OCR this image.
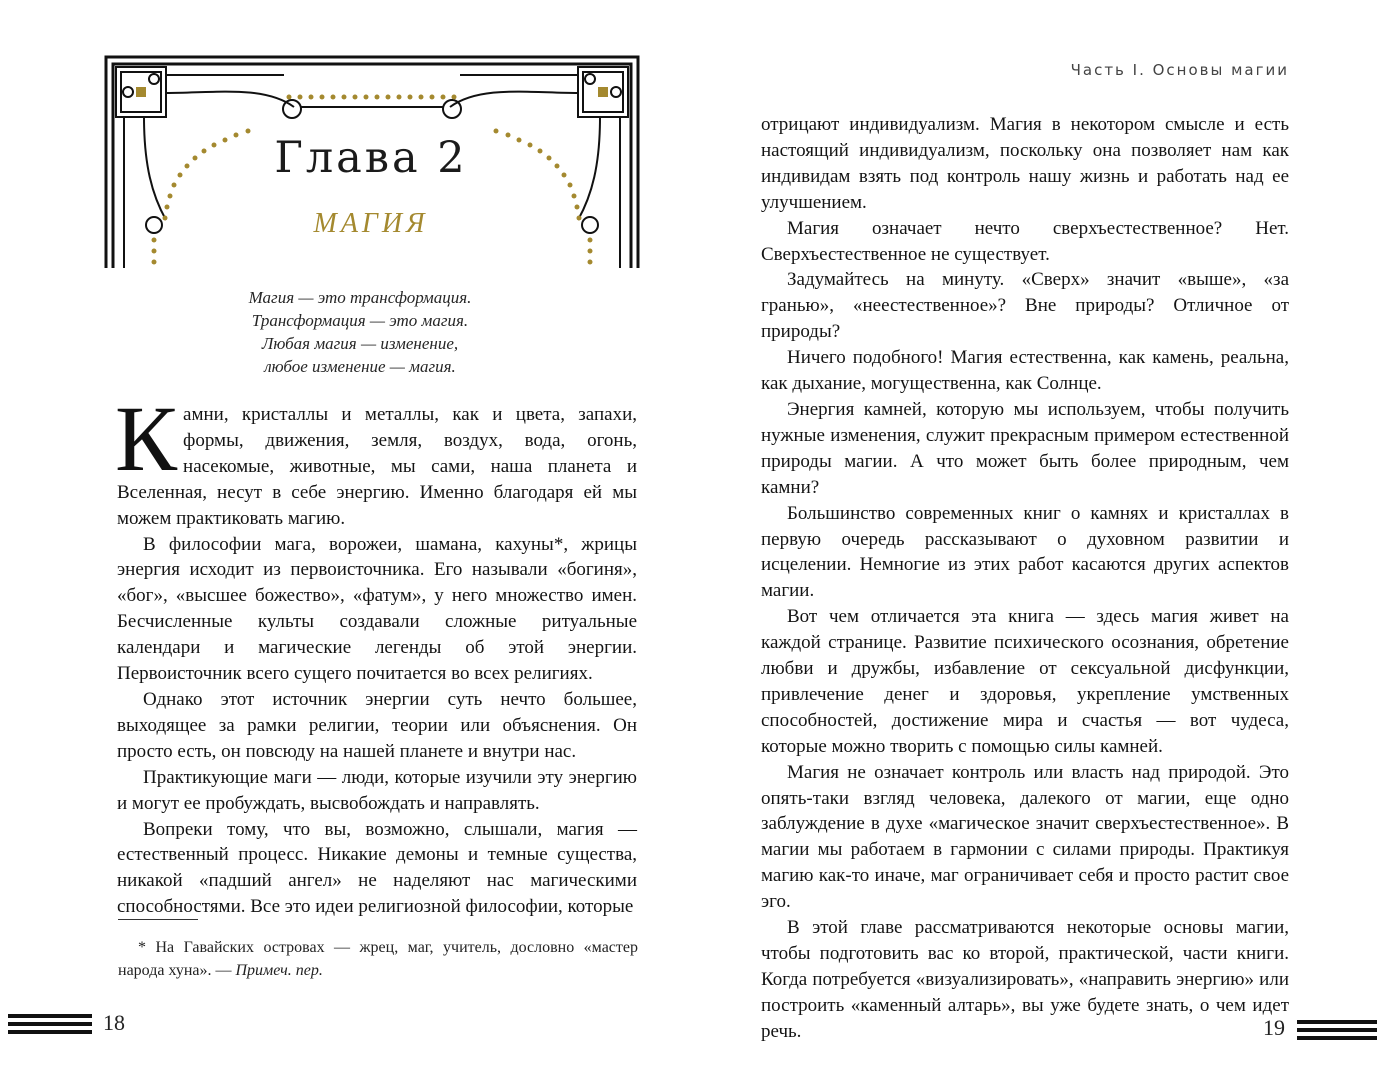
Глава 2
магия
Магия — это трансформация.
Трансформация — это магия.
Любая магия — изменение,
любое изменение — магия.

Камни, кристаллы и металлы, как и цвета, запахи, формы, движения, земля, воздух, вода, огонь, насекомые, животные, мы сами, наша планета и Вселенная, несут в себе энергию. Именно благодаря ей мы можем практиковать магию.

В философии мага, ворожеи, шамана, кахуны*, жрицы энергия исходит из первоисточника. Его называли «богиня», «бог», «высшее божество», «фатум», у него множество имен. Бесчисленные культы создавали сложные ритуальные календари и магические легенды об этой энергии. Первоисточник всего сущего почитается во всех религиях.

Однако этот источник энергии суть нечто большее, выходящее за рамки религии, теории или объяснения. Он просто есть, он повсюду на нашей планете и внутри нас.

Практикующие маги — люди, которые изучили эту энергию и могут ее пробуждать, высвобождать и направлять.

Вопреки тому, что вы, возможно, слышали, магия — естественный процесс. Никакие демоны и темные существа, никакой «падший ангел» не наделяют нас магическими способностями. Все это идеи религиозной философии, которые

* На Гавайских островах — жрец, маг, учитель, дословно «мастер народа хуна». — Примеч. пер.
18
Часть I. Основы магии

отрицают индивидуализм. Магия в некотором смысле и есть настоящий индивидуализм, поскольку она позволяет нам как индивидам взять под контроль нашу жизнь и работать над ее улучшением.

Магия означает нечто сверхъестественное? Нет. Сверхъестественное не существует.

Задумайтесь на минуту. «Сверх» значит «выше», «за гранью», «неестественное»? Вне природы? Отличное от природы?

Ничего подобного! Магия естественна, как камень, реальна, как дыхание, могущественна, как Солнце.

Энергия камней, которую мы используем, чтобы получить нужные изменения, служит прекрасным примером естественной природы магии. А что может быть более природным, чем камни?

Большинство современных книг о камнях и кристаллах в первую очередь рассказывают о духовном развитии и исцелении. Немногие из этих работ касаются других аспектов магии.

Вот чем отличается эта книга — здесь магия живет на каждой странице. Развитие психического осознания, обретение любви и дружбы, избавление от сексуальной дисфункции, привлечение денег и здоровья, укрепление умственных способностей, достижение мира и счастья — вот чудеса, которые можно творить с помощью силы камней.

Магия не означает контроль или власть над природой. Это опять-таки взгляд человека, далекого от магии, еще одно заблуждение в духе «магическое значит сверхъестественное». В магии мы работаем в гармонии с силами природы. Практикуя магию как-то иначе, маг ограничивает себя и просто растит свое эго.

В этой главе рассматриваются некоторые основы магии, чтобы подготовить вас ко второй, практической, части книги. Когда потребуется «визуализировать», «направить энергию» или построить «каменный алтарь», вы уже будете знать, о чем идет речь.	19
